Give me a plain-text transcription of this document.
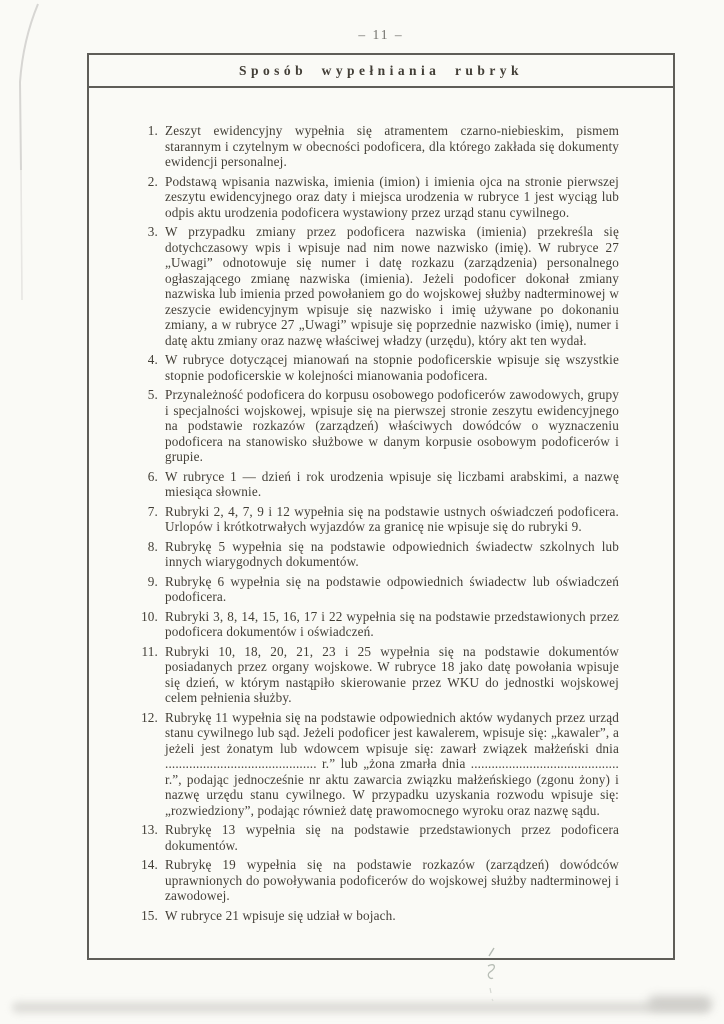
– 11 –
Sposób wypełniania rubryk
1. Zeszyt ewidencyjny wypełnia się atramentem czarno-niebieskim, pismem starannym i czytelnym w obecności podoficera, dla którego zakłada się dokumenty ewidencji personalnej.
2. Podstawą wpisania nazwiska, imienia (imion) i imienia ojca na stronie pierwszej zeszytu ewidencyjnego oraz daty i miejsca urodzenia w rubryce 1 jest wyciąg lub odpis aktu urodzenia podoficera wystawiony przez urząd stanu cywilnego.
3. W przypadku zmiany przez podoficera nazwiska (imienia) przekreśla się dotychczasowy wpis i wpisuje nad nim nowe nazwisko (imię). W rubryce 27 „Uwagi” odnotowuje się numer i datę rozkazu (zarządzenia) personalnego ogłaszającego zmianę nazwiska (imienia). Jeżeli podoficer dokonał zmiany nazwiska lub imienia przed powołaniem go do wojskowej służby nadterminowej w zeszycie ewidencyjnym wpisuje się nazwisko i imię używane po dokonaniu zmiany, a w rubryce 27 „Uwagi” wpisuje się poprzednie nazwisko (imię), numer i datę aktu zmiany oraz nazwę właściwej władzy (urzędu), który akt ten wydał.
4. W rubryce dotyczącej mianowań na stopnie podoficerskie wpisuje się wszystkie stopnie podoficerskie w kolejności mianowania podoficera.
5. Przynależność podoficera do korpusu osobowego podoficerów zawodowych, grupy i specjalności wojskowej, wpisuje się na pierwszej stronie zeszytu ewidencyjnego na podstawie rozkazów (zarządzeń) właściwych dowódców o wyznaczeniu podoficera na stanowisko służbowe w danym korpusie osobowym podoficerów i grupie.
6. W rubryce 1 — dzień i rok urodzenia wpisuje się liczbami arabskimi, a nazwę miesiąca słownie.
7. Rubryki 2, 4, 7, 9 i 12 wypełnia się na podstawie ustnych oświadczeń podoficera. Urlopów i krótkotrwałych wyjazdów za granicę nie wpisuje się do rubryki 9.
8. Rubrykę 5 wypełnia się na podstawie odpowiednich świadectw szkolnych lub innych wiarygodnych dokumentów.
9. Rubrykę 6 wypełnia się na podstawie odpowiednich świadectw lub oświadczeń podoficera.
10. Rubryki 3, 8, 14, 15, 16, 17 i 22 wypełnia się na podstawie przedstawionych przez podoficera dokumentów i oświadczeń.
11. Rubryki 10, 18, 20, 21, 23 i 25 wypełnia się na podstawie dokumentów posiadanych przez organy wojskowe. W rubryce 18 jako datę powołania wpisuje się dzień, w którym nastąpiło skierowanie przez WKU do jednostki wojskowej celem pełnienia służby.
12. Rubrykę 11 wypełnia się na podstawie odpowiednich aktów wydanych przez urząd stanu cywilnego lub sąd. Jeżeli podoficer jest kawalerem, wpisuje się: „kawaler”, a jeżeli jest żonatym lub wdowcem wpisuje się: zawarł związek małżeński dnia ............................................ r.” lub „żona zmarła dnia ........................................... r.”, podając jednocześnie nr aktu zawarcia związku małżeńskiego (zgonu żony) i nazwę urzędu stanu cywilnego. W przypadku uzyskania rozwodu wpisuje się: „rozwiedziony”, podając również datę prawomocnego wyroku oraz nazwę sądu.
13. Rubrykę 13 wypełnia się na podstawie przedstawionych przez podoficera dokumentów.
14. Rubrykę 19 wypełnia się na podstawie rozkazów (zarządzeń) dowódców uprawnionych do powoływania podoficerów do wojskowej służby nadterminowej i zawodowej.
15. W rubryce 21 wpisuje się udział w bojach.
